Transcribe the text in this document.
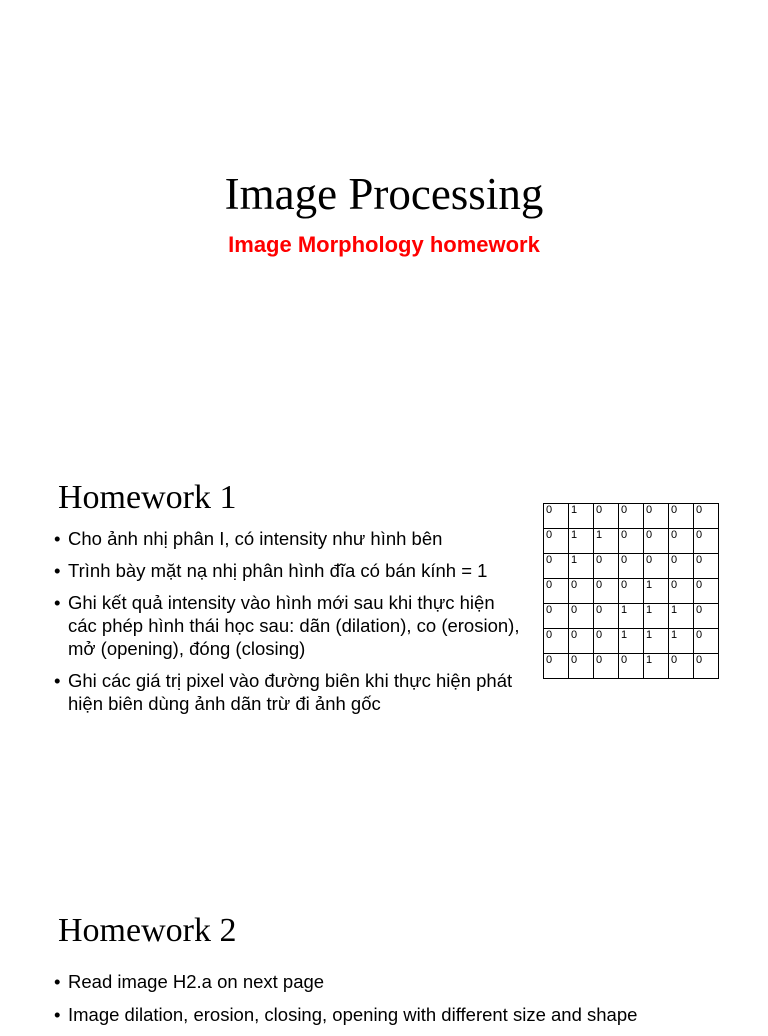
Image Processing
Image Morphology homework
Homework 1
• Cho ảnh nhị phân I, có intensity như hình bên
• Trình bày mặt nạ nhị phân hình đĩa có bán kính = 1
• Ghi kết quả intensity vào hình mới sau khi thực hiện các phép hình thái học sau: dãn (dilation), co (erosion), mở (opening), đóng (closing)
• Ghi các giá trị pixel vào đường biên khi thực hiện phát hiện biên dùng ảnh dãn trừ đi ảnh gốc
0	1	0	0	0	0	0
0	1	1	0	0	0	0
0	1	0	0	0	0	0
0	0	0	0	1	0	0
0	0	0	1	1	1	0
0	0	0	1	1	1	0
0	0	0	0	1	0	0
Homework 2
• Read image H2.a on next page
• Image dilation, erosion, closing, opening with different size and shape
